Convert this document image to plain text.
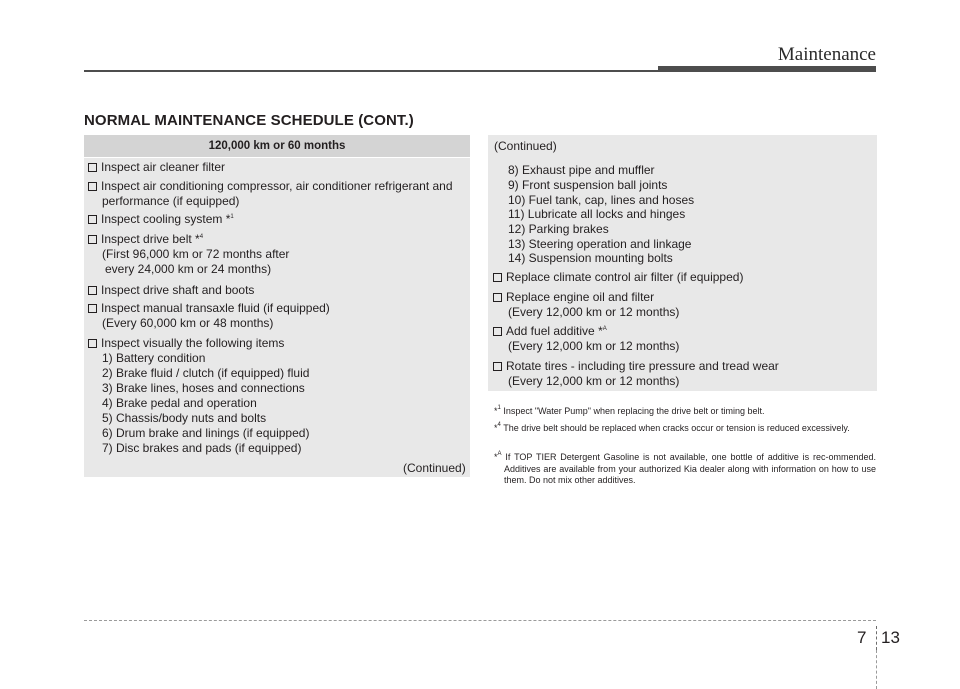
Maintenance
NORMAL MAINTENANCE SCHEDULE (CONT.)
120,000 km or 60 months
Inspect air cleaner filter
Inspect air conditioning compressor, air conditioner refrigerant and
performance (if equipped)
Inspect cooling system *$^1$
Inspect drive belt *$^4$
(First 96,000 km or 72 months after
every 24,000 km or 24 months)
Inspect drive shaft and boots
Inspect manual transaxle fluid (if equipped)
(Every 60,000 km or 48 months)
Inspect visually the following items
1) Battery condition
2) Brake fluid / clutch (if equipped) fluid
3) Brake lines, hoses and connections
4) Brake pedal and operation
5) Chassis/body nuts and bolts
6) Drum brake and linings (if equipped)
7) Disc brakes and pads (if equipped)
(Continued)
(Continued)
8) Exhaust pipe and muffler
9) Front suspension ball joints
10) Fuel tank, cap, lines and hoses
11) Lubricate all locks and hinges
12) Parking brakes
13) Steering operation and linkage
14) Suspension mounting bolts
Replace climate control air filter (if equipped)
Replace engine oil and filter
(Every 12,000 km or 12 months)
Add fuel additive *$^A$
(Every 12,000 km or 12 months)
Rotate tires - including tire pressure and tread wear
(Every 12,000 km or 12 months)
*$^1$ Inspect "Water Pump" when replacing the drive belt or timing belt.
*$^4$ The drive belt should be replaced when cracks occur or tension is reduced excessively.
*$^A$ If TOP TIER Detergent Gasoline is not available, one bottle of additive is rec-ommended. Additives are available from your authorized Kia dealer along with information on how to use them. Do not mix other additives.
7 13
